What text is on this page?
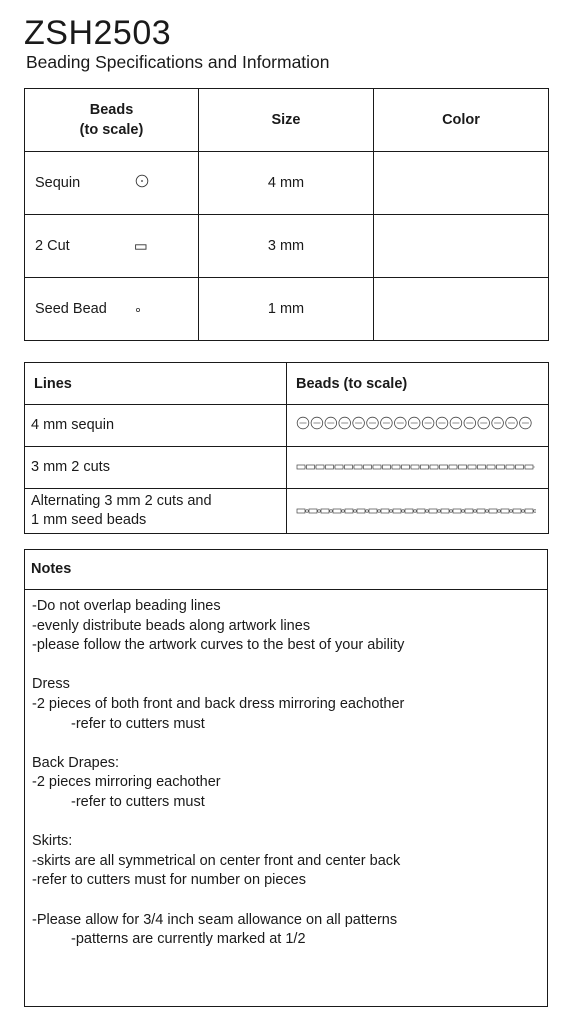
ZSH2503
Beading Specifications and Information
Beads
(to scale)	Size	Color
Sequin	4 mm	
2 Cut	3 mm	
Seed Bead	1 mm	
Lines	Beads (to scale)
4 mm sequin	
3 mm 2 cuts	
Alternating 3 mm 2 cuts and
1 mm seed beads	
Notes
-Do not overlap beading lines
-evenly distribute beads along artwork lines
-please follow the artwork curves to the best of your ability
Dress
-2 pieces of both front and back dress mirroring eachother
-refer to cutters must
Back Drapes:
-2 pieces mirroring eachother
-refer to cutters must
Skirts:
-skirts are all symmetrical on center front and center back
-refer to cutters must for number on pieces
-Please allow for 3/4 inch seam allowance on all patterns
-patterns are currently marked at 1/2
